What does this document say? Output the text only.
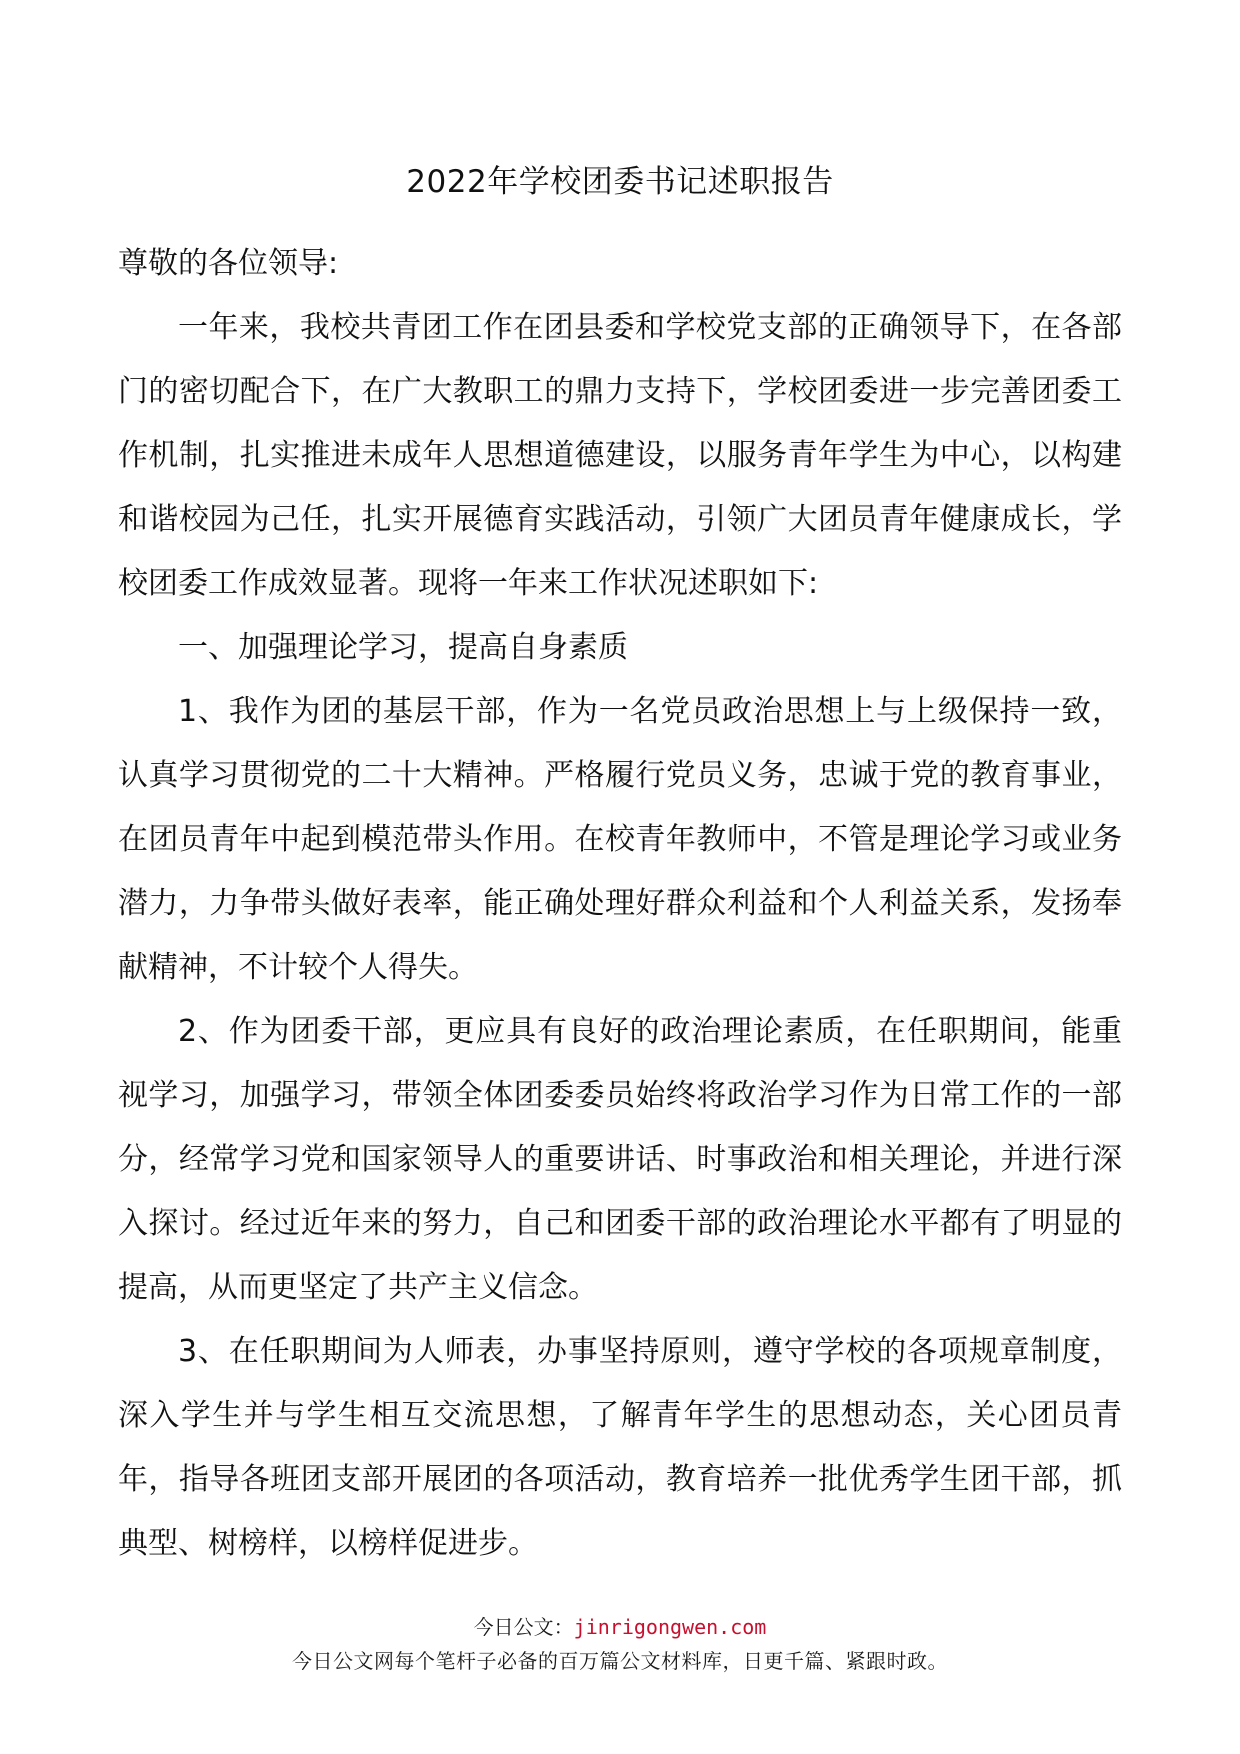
2022年学校团委书记述职报告

尊敬的各位领导:

一年来，我校共青团工作在团县委和学校党支部的正确领导下，在各部门的密切配合下，在广大教职工的鼎力支持下，学校团委进一步完善团委工作机制，扎实推进未成年人思想道德建设，以服务青年学生为中心，以构建和谐校园为己任，扎实开展德育实践活动，引领广大团员青年健康成长，学校团委工作成效显著。现将一年来工作状况述职如下:

一、加强理论学习，提高自身素质

1、我作为团的基层干部，作为一名党员政治思想上与上级保持一致，认真学习贯彻党的二十大精神。严格履行党员义务，忠诚于党的教育事业，在团员青年中起到模范带头作用。在校青年教师中，不管是理论学习或业务潜力，力争带头做好表率，能正确处理好群众利益和个人利益关系，发扬奉献精神，不计较个人得失。

2、作为团委干部，更应具有良好的政治理论素质，在任职期间，能重视学习，加强学习，带领全体团委委员始终将政治学习作为日常工作的一部分，经常学习党和国家领导人的重要讲话、时事政治和相关理论，并进行深入探讨。经过近年来的努力，自己和团委干部的政治理论水平都有了明显的提高，从而更坚定了共产主义信念。

3、在任职期间为人师表，办事坚持原则，遵守学校的各项规章制度，深入学生并与学生相互交流思想，了解青年学生的思想动态，关心团员青年，指导各班团支部开展团的各项活动，教育培养一批优秀学生团干部，抓典型、树榜样，以榜样促进步。

今日公文：jinrigongwen.com
今日公文网每个笔杆子必备的百万篇公文材料库，日更千篇、紧跟时政。
